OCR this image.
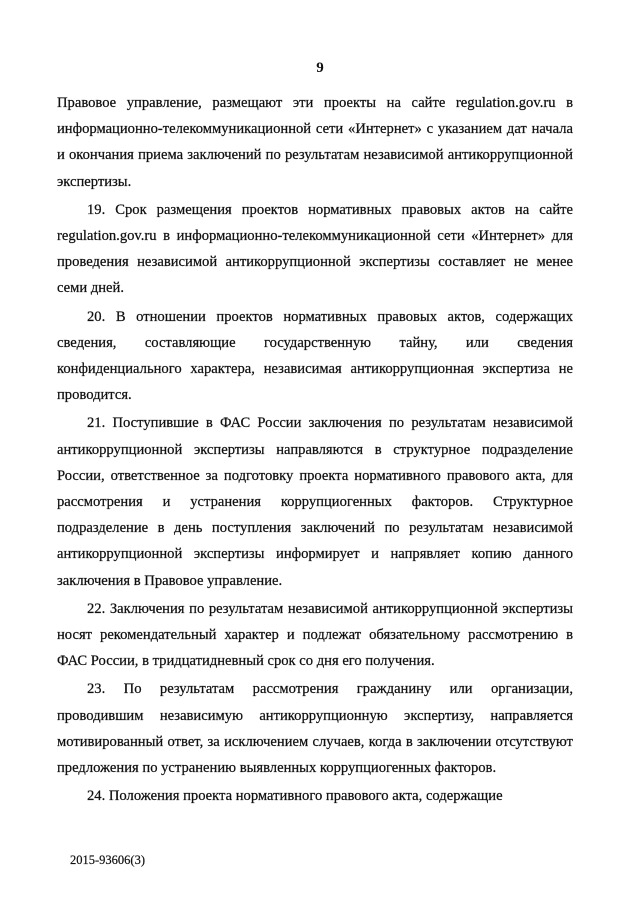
9

Правовое управление, размещают эти проекты на сайте regulation.gov.ru в информационно-телекоммуникационной сети «Интернет» с указанием дат начала и окончания приема заключений по результатам независимой антикоррупционной экспертизы.

19. Срок размещения проектов нормативных правовых актов на сайте regulation.gov.ru в информационно-телекоммуникационной сети «Интернет» для проведения независимой антикоррупционной экспертизы составляет не менее семи дней.

20. В отношении проектов нормативных правовых актов, содержащих сведения, составляющие государственную тайну, или сведения конфиденциального характера, независимая антикоррупционная экспертиза не проводится.

21. Поступившие в ФАС России заключения по результатам независимой антикоррупционной экспертизы направляются в структурное подразделение России, ответственное за подготовку проекта нормативного правового акта, для рассмотрения и устранения коррупциогенных факторов. Структурное подразделение в день поступления заключений по результатам независимой антикоррупционной экспертизы информирует и напрявляет копию данного заключения в Правовое управление.

22. Заключения по результатам независимой антикоррупционной экспертизы носят рекомендательный характер и подлежат обязательному рассмотрению в ФАС России, в тридцатидневный срок со дня его получения.

23. По результатам рассмотрения гражданину или организации, проводившим независимую антикоррупционную экспертизу, направляется мотивированный ответ, за исключением случаев, когда в заключении отсутствуют предложения по устранению выявленных коррупциогенных факторов.

24. Положения проекта нормативного правового акта, содержащие

2015-93606(3)
